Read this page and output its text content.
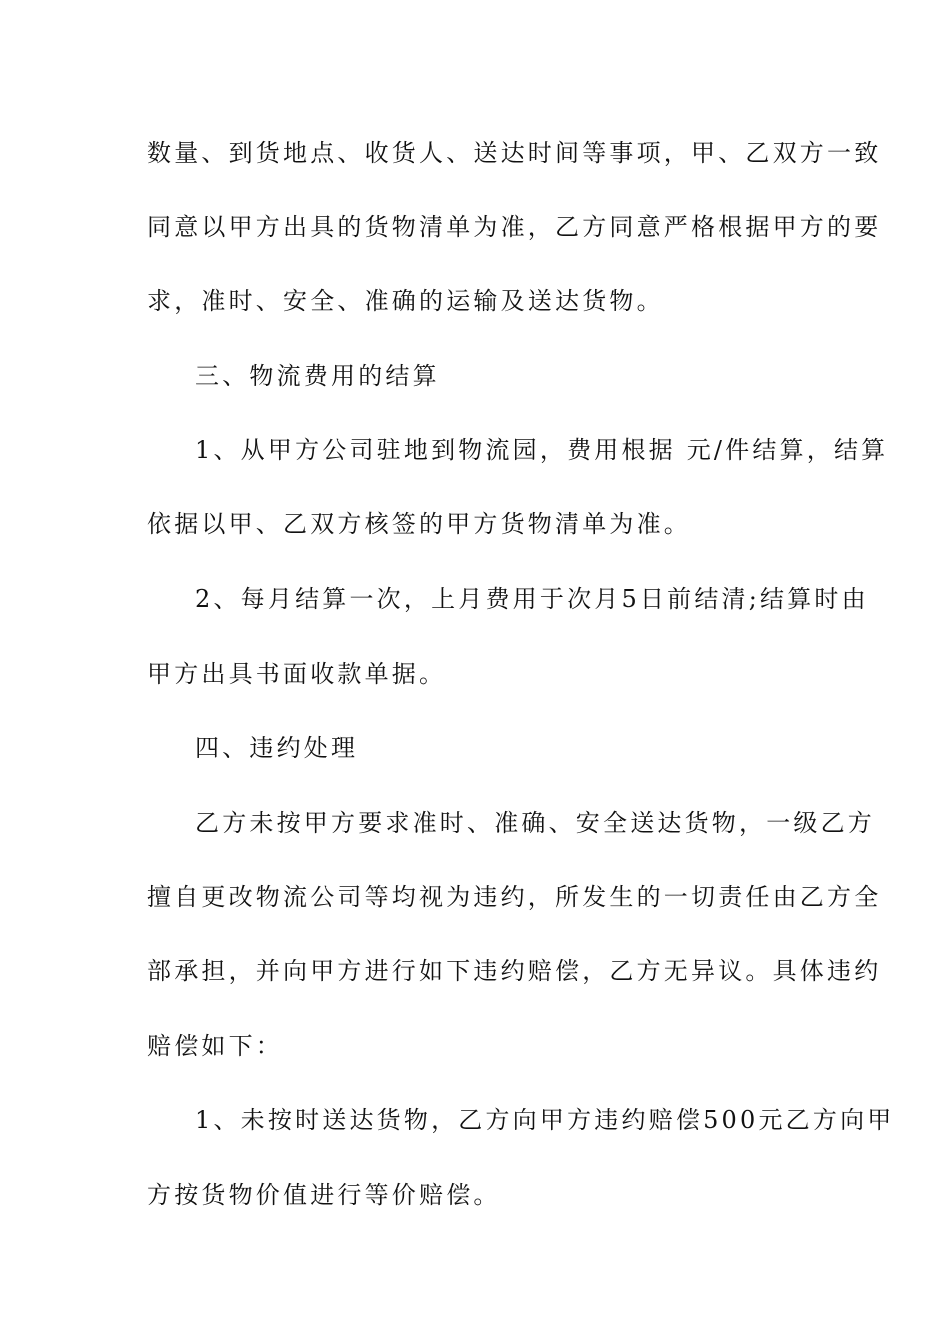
数量、到货地点、收货人、送达时间等事项，甲、乙双方一致
同意以甲方出具的货物清单为准，乙方同意严格根据甲方的要
求，准时、安全、准确的运输及送达货物。
三、物流费用的结算
1、从甲方公司驻地到物流园，费用根据 元/件结算，结算
依据以甲、乙双方核签的甲方货物清单为准。
2、每月结算一次，上月费用于次月5日前结清;结算时由
甲方出具书面收款单据。
四、违约处理
乙方未按甲方要求准时、准确、安全送达货物，一级乙方
擅自更改物流公司等均视为违约，所发生的一切责任由乙方全
部承担，并向甲方进行如下违约赔偿，乙方无异议。具体违约
赔偿如下：
1、未按时送达货物，乙方向甲方违约赔偿500元乙方向甲
方按货物价值进行等价赔偿。
